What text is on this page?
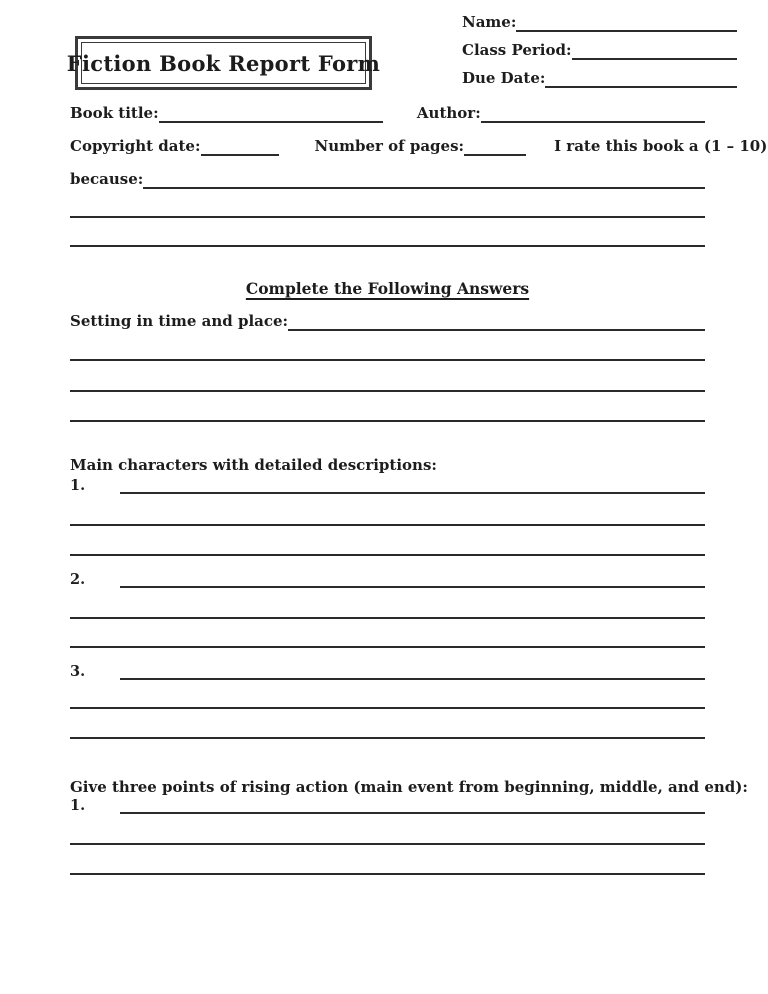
Fiction Book Report Form
Name:
Class Period:
Due Date:
Book title:	Author:
Copyright date:	Number of pages:	I rate this book a (1 – 10)
because:
Complete the Following Answers
Setting in time and place:
Main characters with detailed descriptions:
1.
2.
3.
Give three points of rising action (main event from beginning, middle, and end):
1.
